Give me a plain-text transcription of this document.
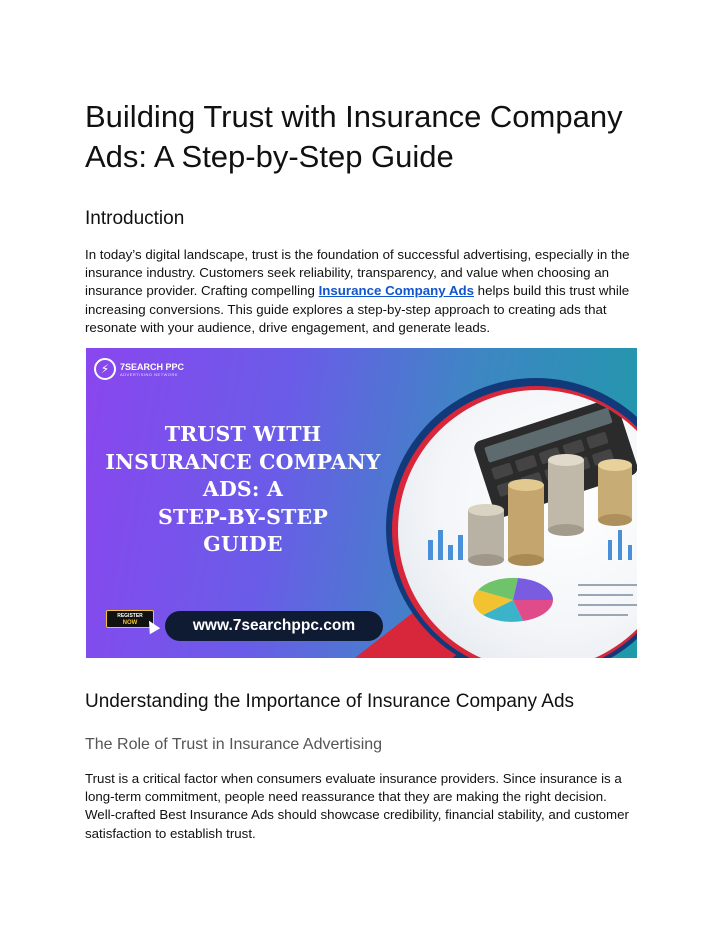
Building Trust with Insurance Company Ads: A Step-by-Step Guide
Introduction

In today’s digital landscape, trust is the foundation of successful advertising, especially in the insurance industry. Customers seek reliability, transparency, and value when choosing an insurance provider. Crafting compelling Insurance Company Ads helps build this trust while increasing conversions. This guide explores a step-by-step approach to creating ads that resonate with your audience, drive engagement, and generate leads.

⚡	7SEARCH PPC
ADVERTISING NETWORK
TRUST WITH
INSURANCE COMPANY
ADS: A
STEP-BY-STEP
GUIDE
REGISTER
NOW	www.7searchppc.com
Understanding the Importance of Insurance Company Ads
The Role of Trust in Insurance Advertising

Trust is a critical factor when consumers evaluate insurance providers. Since insurance is a long-term commitment, people need reassurance that they are making the right decision. Well-crafted Best Insurance Ads should showcase credibility, financial stability, and customer satisfaction to establish trust.
